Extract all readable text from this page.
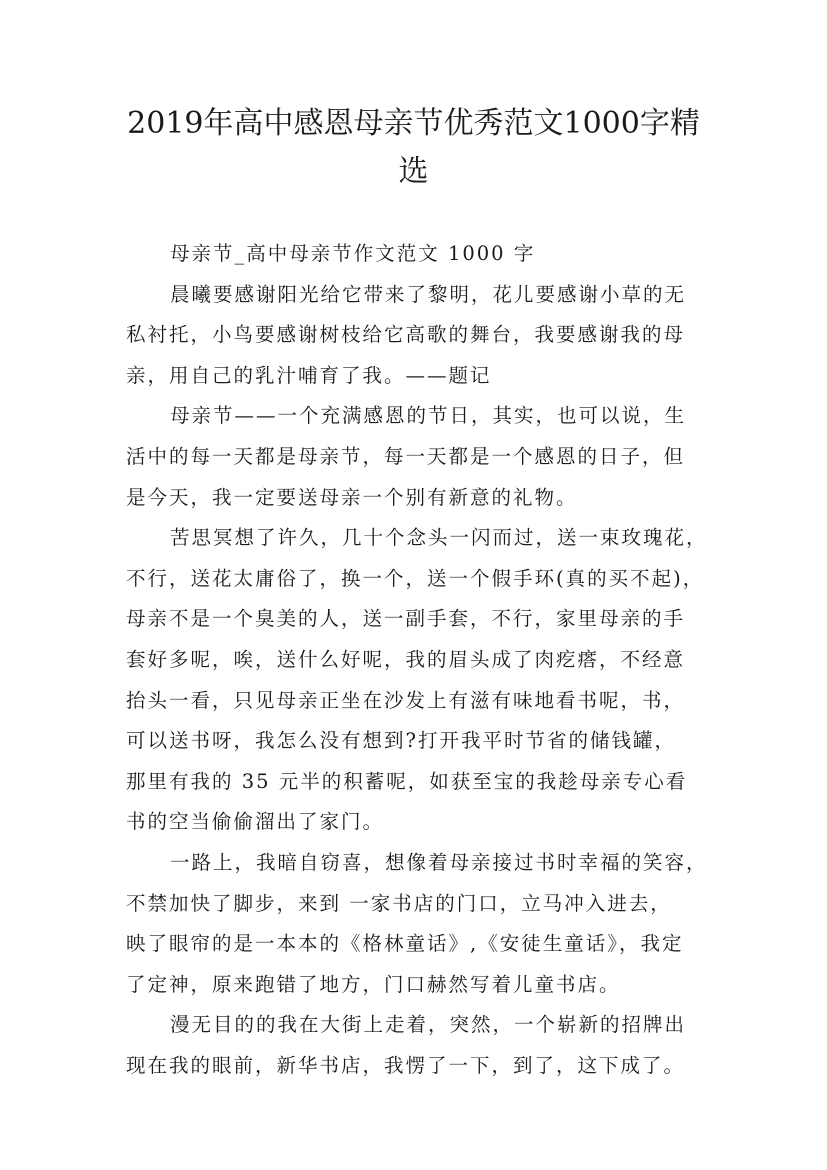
2019年高中感恩母亲节优秀范文1000字精
选
母亲节_高中母亲节作文范文 1000 字
晨曦要感谢阳光给它带来了黎明，花儿要感谢小草的无
私衬托，小鸟要感谢树枝给它高歌的舞台，我要感谢我的母
亲，用自己的乳汁哺育了我。——题记
母亲节——一个充满感恩的节日，其实，也可以说，生
活中的每一天都是母亲节，每一天都是一个感恩的日子，但
是今天，我一定要送母亲一个别有新意的礼物。
苦思冥想了许久，几十个念头一闪而过，送一束玫瑰花，
不行，送花太庸俗了，换一个，送一个假手环(真的买不起)，
母亲不是一个臭美的人，送一副手套，不行，家里母亲的手
套好多呢，唉，送什么好呢，我的眉头成了肉疙瘩，不经意
抬头一看，只见母亲正坐在沙发上有滋有味地看书呢，书，
可以送书呀，我怎么没有想到?打开我平时节省的储钱罐，
那里有我的 35 元半的积蓄呢，如获至宝的我趁母亲专心看
书的空当偷偷溜出了家门。
一路上，我暗自窃喜，想像着母亲接过书时幸福的笑容，
不禁加快了脚步，来到 一家书店的门口，立马冲入进去，
映了眼帘的是一本本的《格林童话》,《安徒生童话》，我定
了定神，原来跑错了地方，门口赫然写着儿童书店。
漫无目的的我在大街上走着，突然，一个崭新的招牌出
现在我的眼前，新华书店，我愣了一下，到了，这下成了。
